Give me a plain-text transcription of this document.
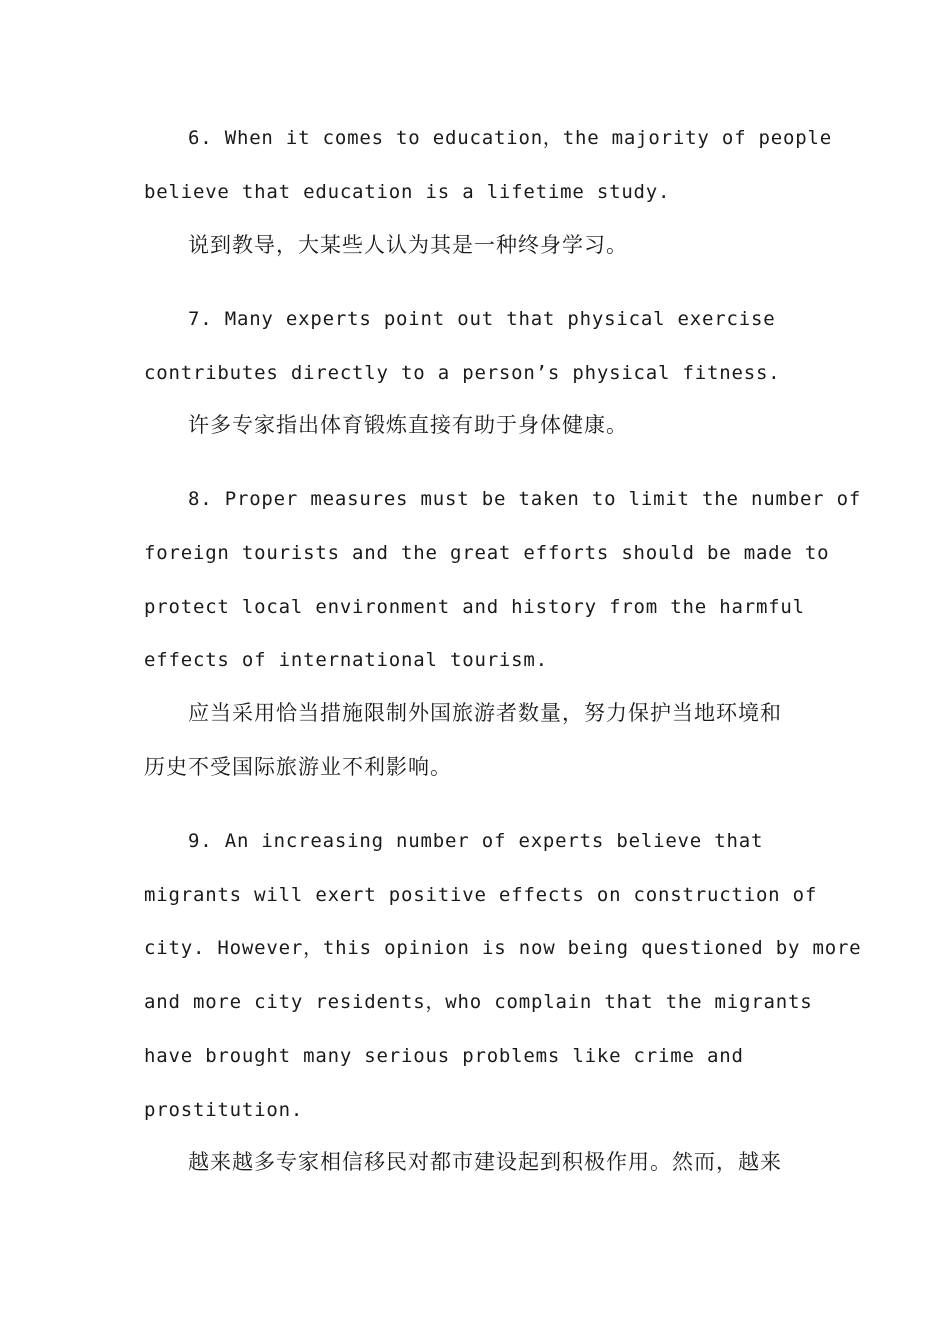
6. When it comes to education，the majority of people
believe that education is a lifetime study.
说到教导，大某些人认为其是一种终身学习。
7. Many experts point out that physical exercise
contributes directly to a person’s physical fitness.
许多专家指出体育锻炼直接有助于身体健康。
8. Proper measures must be taken to limit the number of
foreign tourists and the great efforts should be made to
protect local environment and history from the harmful
effects of international tourism.
应当采用恰当措施限制外国旅游者数量，努力保护当地环境和
历史不受国际旅游业不利影响。
9. An increasing number of experts believe that
migrants will exert positive effects on construction of
city. However，this opinion is now being questioned by more
and more city residents，who complain that the migrants
have brought many serious problems like crime and
prostitution.
越来越多专家相信移民对都市建设起到积极作用。然而，越来
